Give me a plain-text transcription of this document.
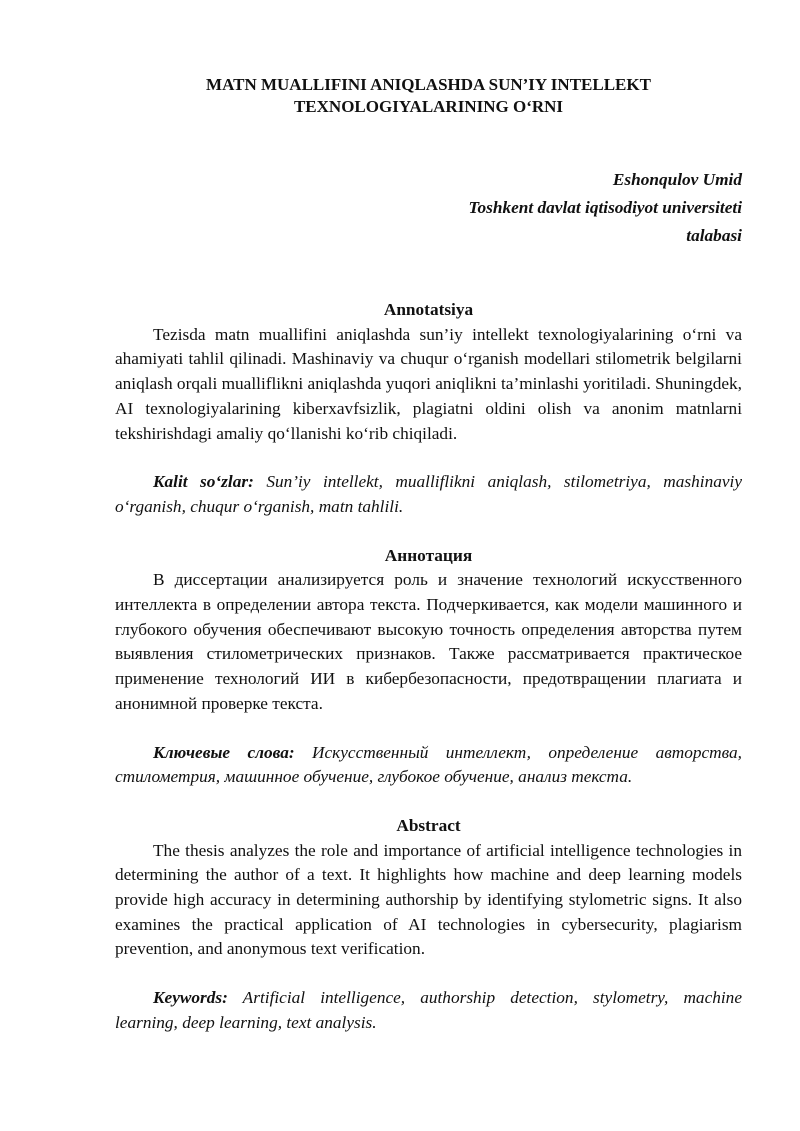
MATN MUALLIFINI ANIQLASHDA SUN’IY INTELLEKT

TEXNOLOGIYALARINING O‘RNI

Eshonqulov Umid
Toshkent davlat iqtisodiyot universiteti
talabasi

Annotatsiya

Tezisda matn muallifini aniqlashda sun’iy intellekt texnologiyalarining o‘rni va ahamiyati tahlil qilinadi. Mashinaviy va chuqur o‘rganish modellari stilometrik belgilarni aniqlash orqali mualliflikni aniqlashda yuqori aniqlikni ta’minlashi yoritiladi. Shuningdek, AI texnologiyalarining kiberxavfsizlik, plagiatni oldini olish va anonim matnlarni tekshirishdagi amaliy qo‘llanishi ko‘rib chiqiladi.

Kalit so‘zlar: Sun’iy intellekt, mualliflikni aniqlash, stilometriya, mashinaviy o‘rganish, chuqur o‘rganish, matn tahlili.

Аннотация

В диссертации анализируется роль и значение технологий искусственного интеллекта в определении автора текста. Подчеркивается, как модели машинного и глубокого обучения обеспечивают высокую точность определения авторства путем выявления стилометрических признаков. Также рассматривается практическое применение технологий ИИ в кибербезопасности, предотвращении плагиата и анонимной проверке текста.

Ключевые слова: Искусственный интеллект, определение авторства, стилометрия, машинное обучение, глубокое обучение, анализ текста.

Abstract

The thesis analyzes the role and importance of artificial intelligence technologies in determining the author of a text. It highlights how machine and deep learning models provide high accuracy in determining authorship by identifying stylometric signs. It also examines the practical application of AI technologies in cybersecurity, plagiarism prevention, and anonymous text verification.

Keywords: Artificial intelligence, authorship detection, stylometry, machine learning, deep learning, text analysis.
